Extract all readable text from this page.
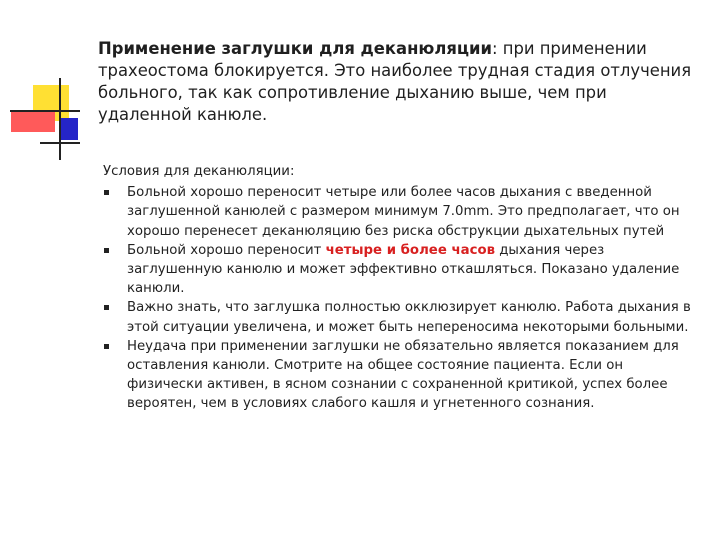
Применение заглушки для деканюляции: при применении трахеостома блокируется. Это наиболее трудная стадия отлучения больного, так как сопротивление дыханию выше, чем при удаленной канюле.

Условия для деканюляции:

Больной хорошо переносит четыре или более часов дыхания с введенной заглушенной канюлей с размером минимум 7.0mm. Это предполагает, что он хорошо перенесет деканюляцию без риска обструкции дыхательных путей
Больной хорошо переносит четыре и более часов дыхания через заглушенную канюлю и может эффективно откашляться. Показано удаление канюли.
Важно знать, что заглушка полностью окклюзирует канюлю. Работа дыхания в этой ситуации увеличена, и может быть непереносима некоторыми больными.
Неудача при применении заглушки не обязательно является показанием для оставления канюли. Смотрите на общее состояние пациента. Если он физически активен, в ясном сознании с сохраненной критикой, успех более вероятен, чем в условиях слабого кашля и угнетенного сознания.
